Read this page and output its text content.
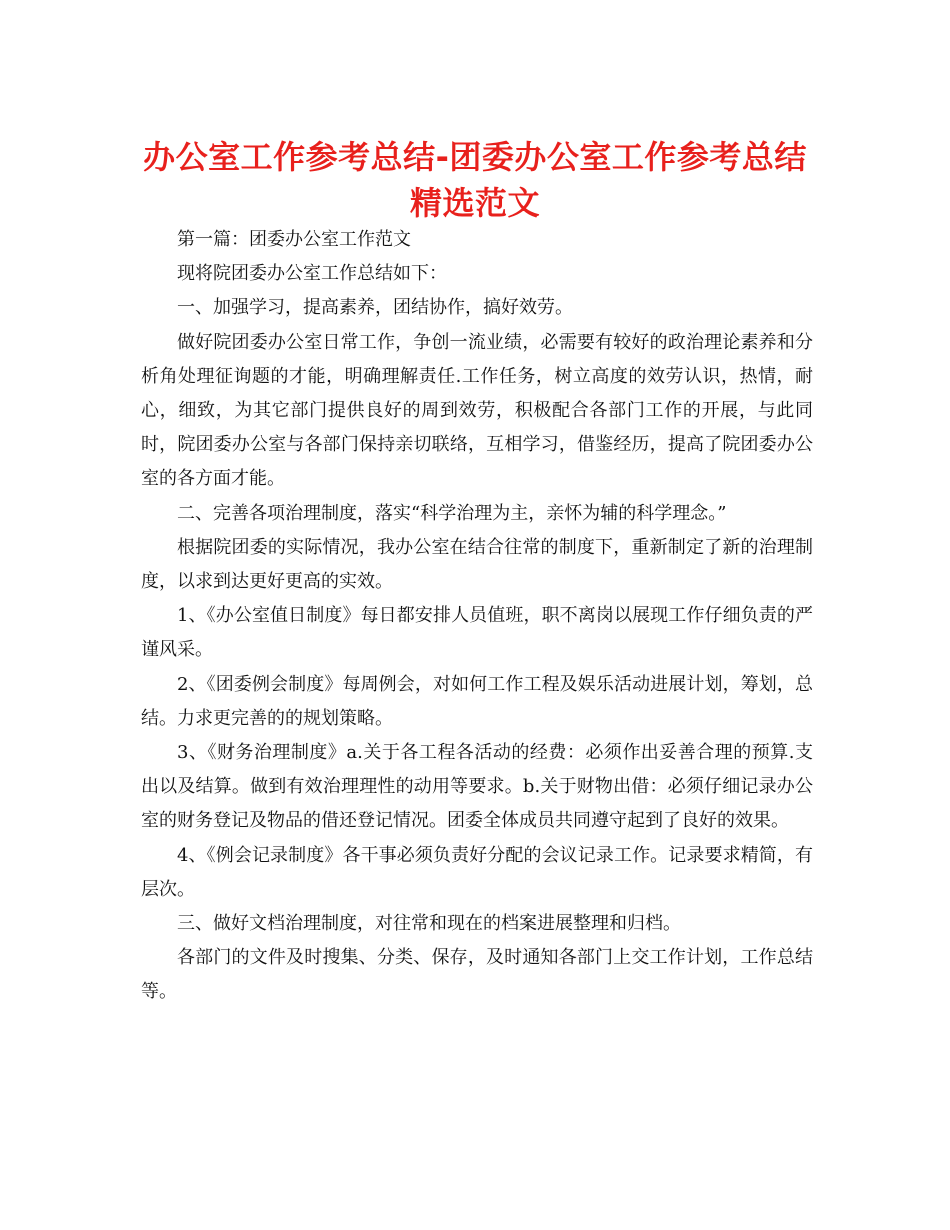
办公室工作参考总结-团委办公室工作参考总结精选范文

第一篇：团委办公室工作范文

现将院团委办公室工作总结如下：

一、加强学习，提高素养，团结协作，搞好效劳。

做好院团委办公室日常工作，争创一流业绩，必需要有较好的政治理论素养和分析角处理征询题的才能，明确理解责任.工作任务，树立高度的效劳认识，热情，耐心，细致，为其它部门提供良好的周到效劳，积极配合各部门工作的开展，与此同时，院团委办公室与各部门保持亲切联络，互相学习，借鉴经历，提高了院团委办公室的各方面才能。

二、完善各项治理制度，落实“科学治理为主，亲怀为辅的科学理念。”

根据院团委的实际情况，我办公室在结合往常的制度下，重新制定了新的治理制度，以求到达更好更高的实效。

1、《办公室值日制度》每日都安排人员值班，职不离岗以展现工作仔细负责的严谨风采。

2、《团委例会制度》每周例会，对如何工作工程及娱乐活动进展计划，筹划，总结。力求更完善的的规划策略。

3、《财务治理制度》a.关于各工程各活动的经费：必须作出妥善合理的预算.支出以及结算。做到有效治理理性的动用等要求。b.关于财物出借：必须仔细记录办公室的财务登记及物品的借还登记情况。团委全体成员共同遵守起到了良好的效果。

4、《例会记录制度》各干事必须负责好分配的会议记录工作。记录要求精简，有层次。

三、做好文档治理制度，对往常和现在的档案进展整理和归档。

各部门的文件及时搜集、分类、保存，及时通知各部门上交工作计划，工作总结等。
